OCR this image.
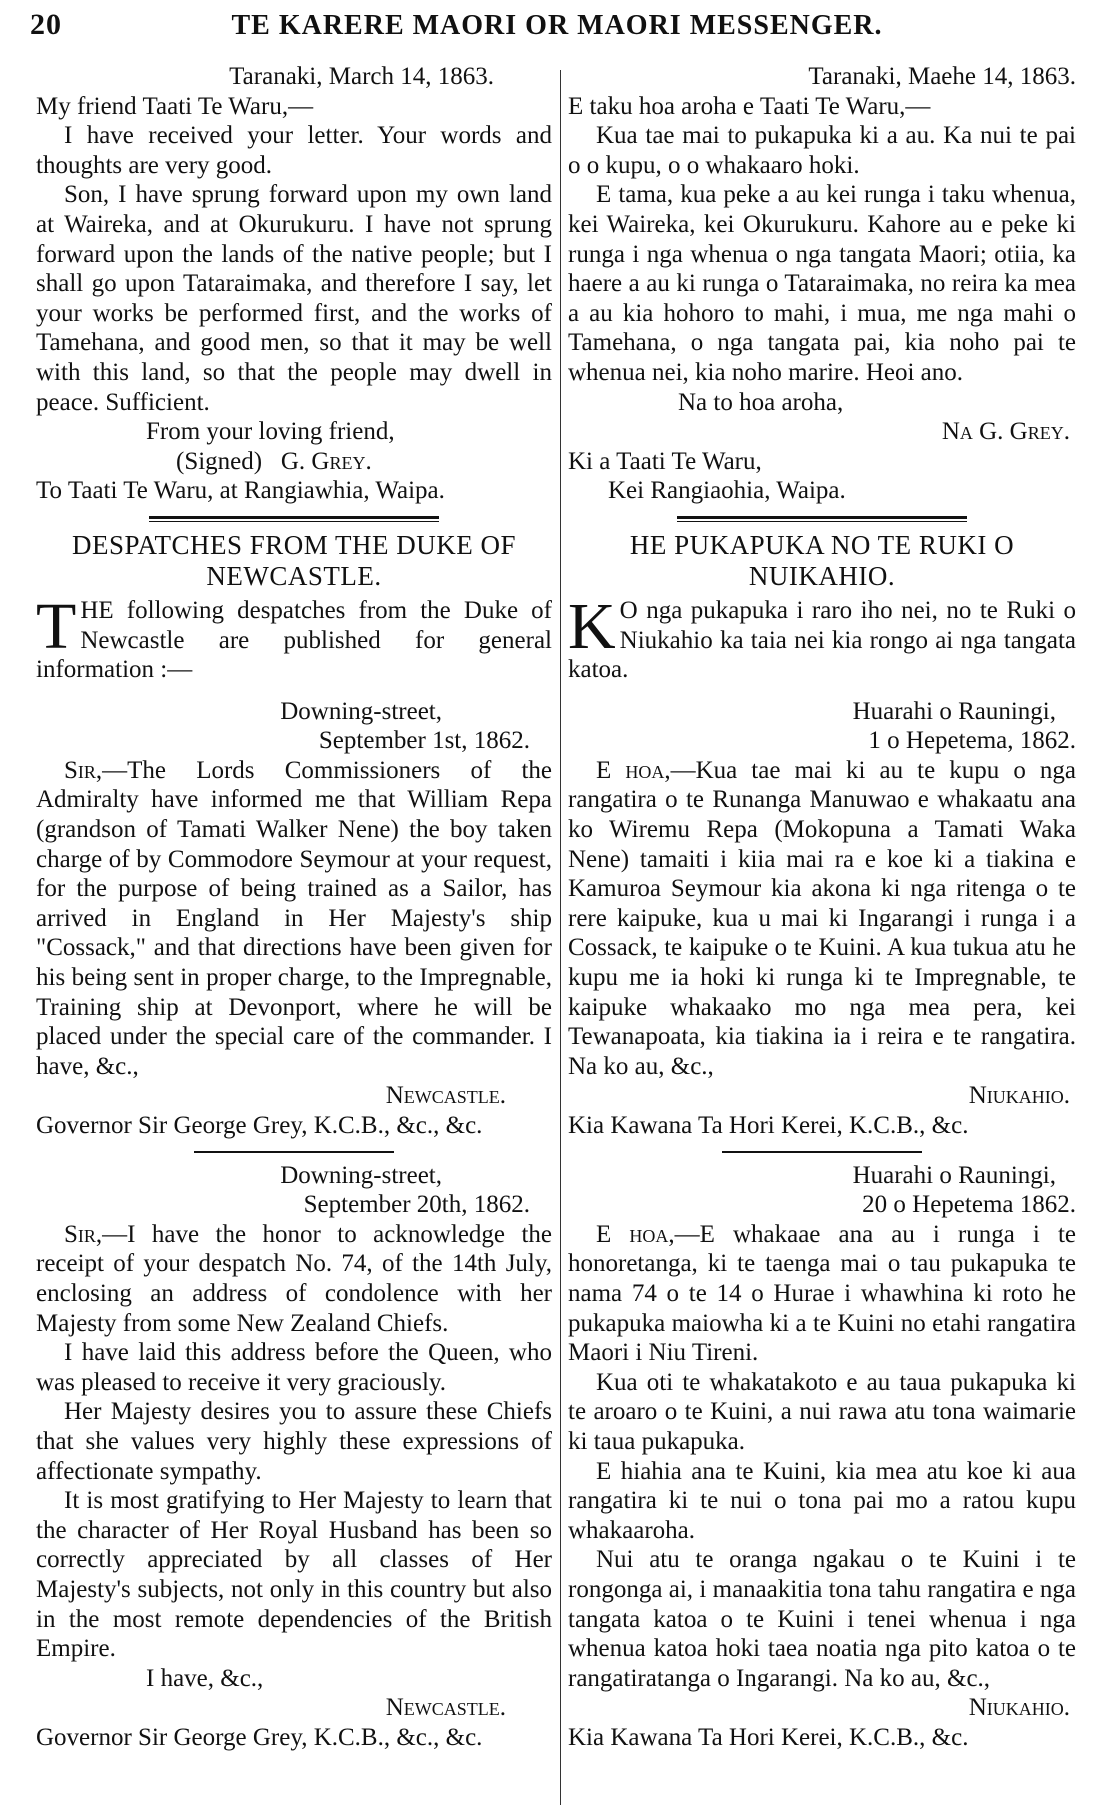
20	TE KARERE MAORI OR MAORI MESSENGER.

Taranaki, March 14, 1863.

My friend Taati Te Waru,—

I have received your letter. Your words and thoughts are very good.

Son, I have sprung forward upon my own land at Waireka, and at Okurukuru. I have not sprung forward upon the lands of the native people; but I shall go upon Tataraimaka, and therefore I say, let your works be performed first, and the works of Tamehana, and good men, so that it may be well with this land, so that the people may dwell in peace. Sufficient.

From your loving friend,

(Signed) G. Grey.

To Taati Te Waru, at Rangiawhia, Waipa.

DESPATCHES FROM THE DUKE OF NEWCASTLE.

THE following despatches from the Duke of Newcastle are published for general information :—

Downing-street,

September 1st, 1862.

Sir,—The Lords Commissioners of the Admiralty have informed me that William Repa (grandson of Tamati Walker Nene) the boy taken charge of by Commodore Seymour at your request, for the purpose of being trained as a Sailor, has arrived in England in Her Majesty's ship "Cossack," and that directions have been given for his being sent in proper charge, to the Impregnable, Training ship at Devonport, where he will be placed under the special care of the commander. I have, &c.,

Newcastle.

Governor Sir George Grey, K.C.B., &c., &c.

Downing-street,

September 20th, 1862.

Sir,—I have the honor to acknowledge the receipt of your despatch No. 74, of the 14th July, enclosing an address of condolence with her Majesty from some New Zealand Chiefs.

I have laid this address before the Queen, who was pleased to receive it very graciously.

Her Majesty desires you to assure these Chiefs that she values very highly these expressions of affectionate sympathy.

It is most gratifying to Her Majesty to learn that the character of Her Royal Husband has been so correctly appreciated by all classes of Her Majesty's subjects, not only in this country but also in the most remote dependencies of the British Empire.

I have, &c.,

Newcastle.

Governor Sir George Grey, K.C.B., &c., &c.

Taranaki, Maehe 14, 1863.

E taku hoa aroha e Taati Te Waru,—

Kua tae mai to pukapuka ki a au. Ka nui te pai o o kupu, o o whakaaro hoki.

E tama, kua peke a au kei runga i taku whenua, kei Waireka, kei Okurukuru. Kahore au e peke ki runga i nga whenua o nga tangata Maori; otiia, ka haere a au ki runga o Tataraimaka, no reira ka mea a au kia hohoro to mahi, i mua, me nga mahi o Tamehana, o nga tangata pai, kia noho pai te whenua nei, kia noho marire. Heoi ano.

Na to hoa aroha,

Na G. Grey.

Ki a Taati Te Waru,

Kei Rangiaohia, Waipa.

HE PUKAPUKA NO TE RUKI O NUIKAHIO.

K O nga pukapuka i raro iho nei, no te Ruki o Niukahio ka taia nei kia rongo ai nga tangata katoa.

Huarahi o Rauningi,

1 o Hepetema, 1862.

E hoa,—Kua tae mai ki au te kupu o nga rangatira o te Runanga Manuwao e whakaatu ana ko Wiremu Repa (Mokopuna a Tamati Waka Nene) tamaiti i kiia mai ra e koe ki a tiakina e Kamuroa Seymour kia akona ki nga ritenga o te rere kaipuke, kua u mai ki Ingarangi i runga i a Cossack, te kaipuke o te Kuini. A kua tukua atu he kupu me ia hoki ki runga ki te Impregnable, te kaipuke whakaako mo nga mea pera, kei Tewanapoata, kia tiakina ia i reira e te rangatira. Na ko au, &c.,

Niukahio.

Kia Kawana Ta Hori Kerei, K.C.B., &c.

Huarahi o Rauningi,

20 o Hepetema 1862.

E hoa,—E whakaae ana au i runga i te honoretanga, ki te taenga mai o tau pukapuka te nama 74 o te 14 o Hurae i whawhina ki roto he pukapuka maiowha ki a te Kuini no etahi rangatira Maori i Niu Tireni.

Kua oti te whakatakoto e au taua pukapuka ki te aroaro o te Kuini, a nui rawa atu tona waimarie ki taua pukapuka.

E hiahia ana te Kuini, kia mea atu koe ki aua rangatira ki te nui o tona pai mo a ratou kupu whakaaroha.

Nui atu te oranga ngakau o te Kuini i te rongonga ai, i manaakitia tona tahu rangatira e nga tangata katoa o te Kuini i tenei whenua i nga whenua katoa hoki taea noatia nga pito katoa o te rangatiratanga o Ingarangi. Na ko au, &c.,

Niukahio.

Kia Kawana Ta Hori Kerei, K.C.B., &c.
